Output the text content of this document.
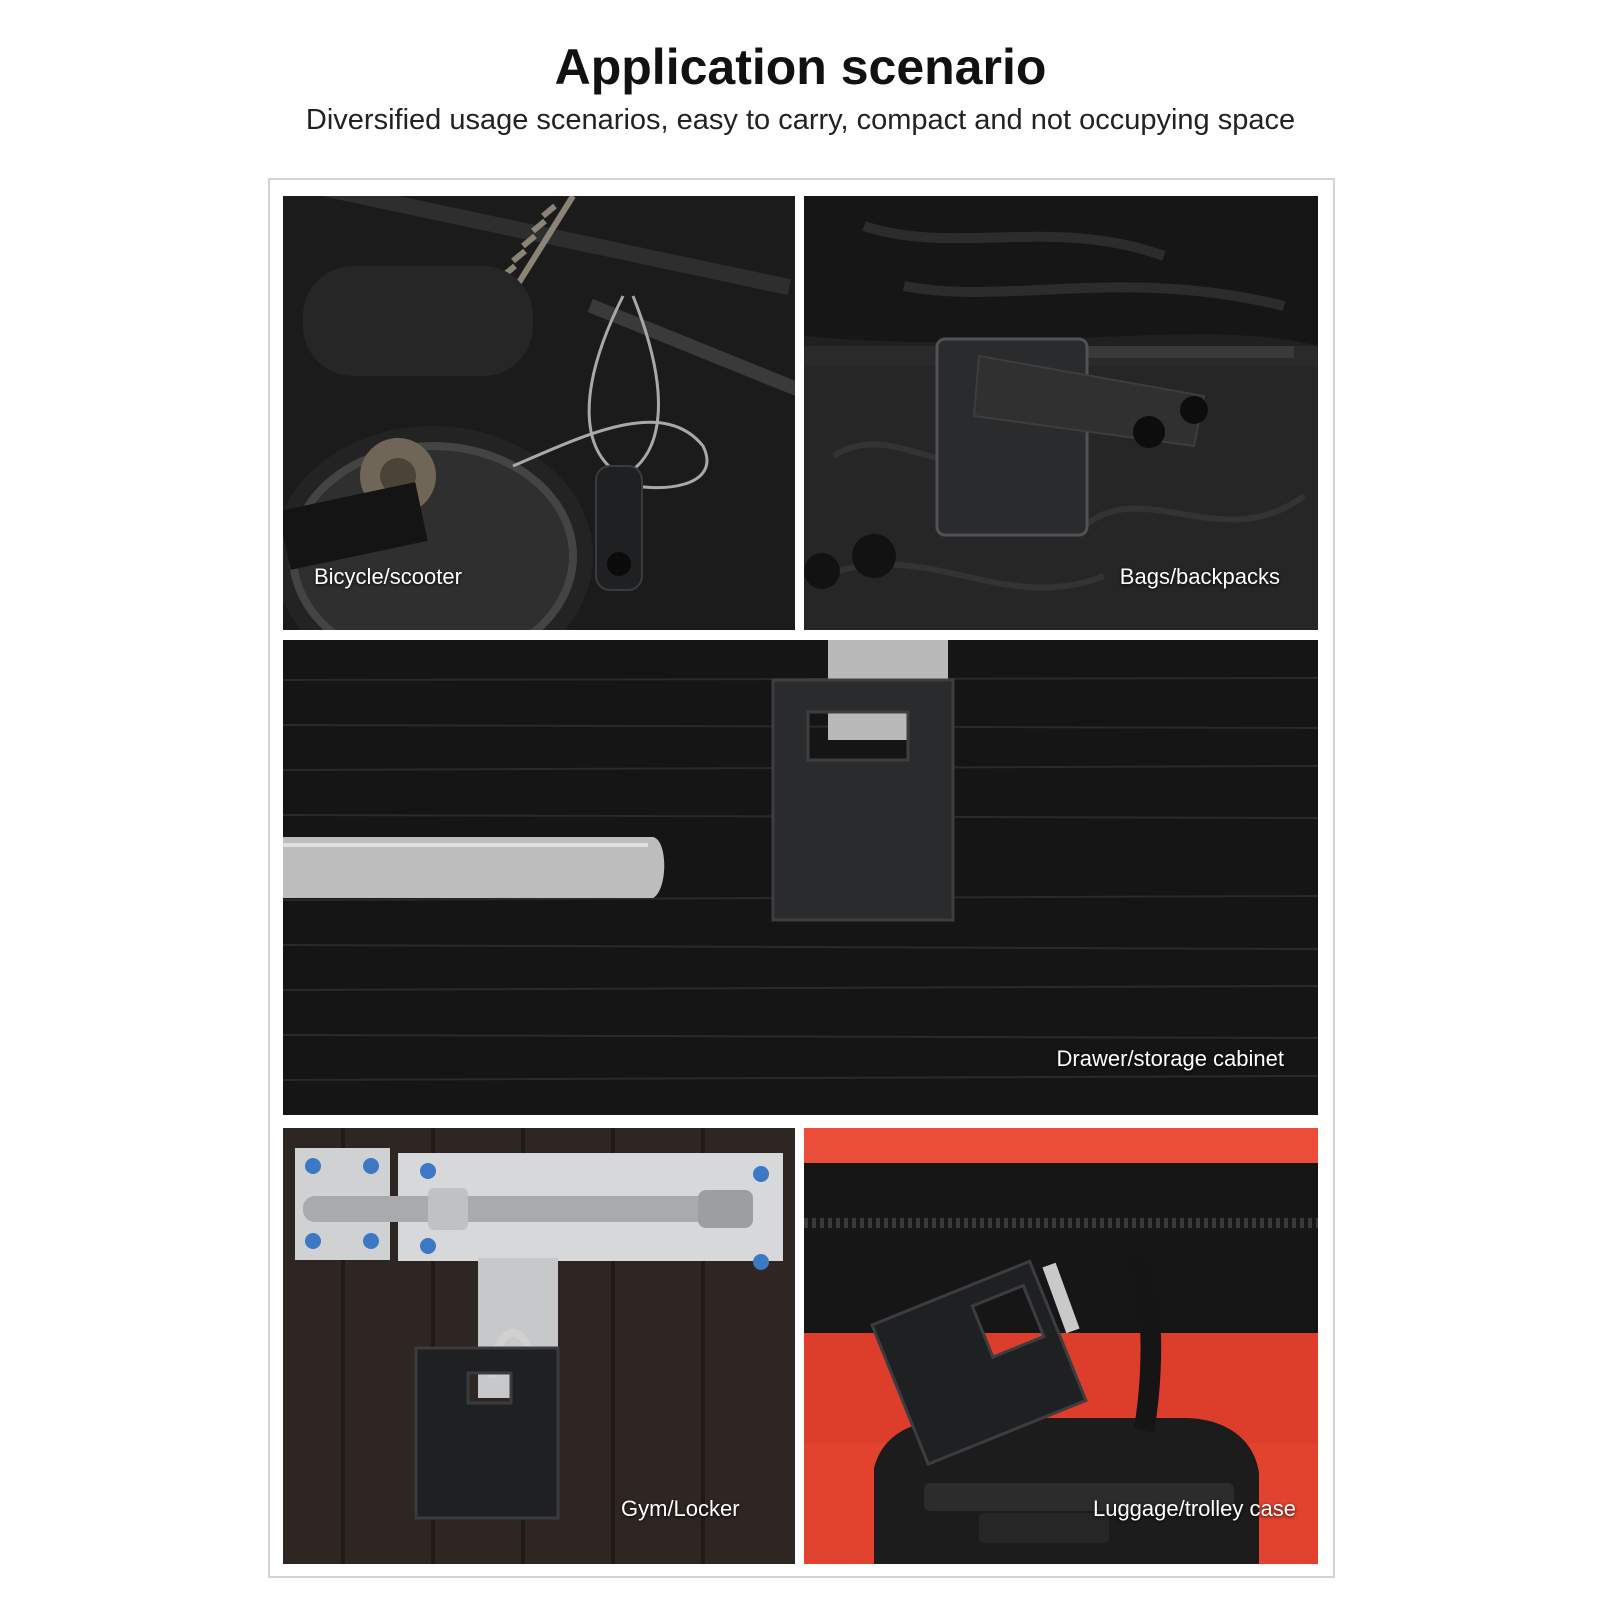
Application scenario
Diversified usage scenarios, easy to carry, compact and not occupying space
Bicycle/scooter	Bags/backpacks
Drawer/storage cabinet
Gym/Locker	Luggage/trolley case
